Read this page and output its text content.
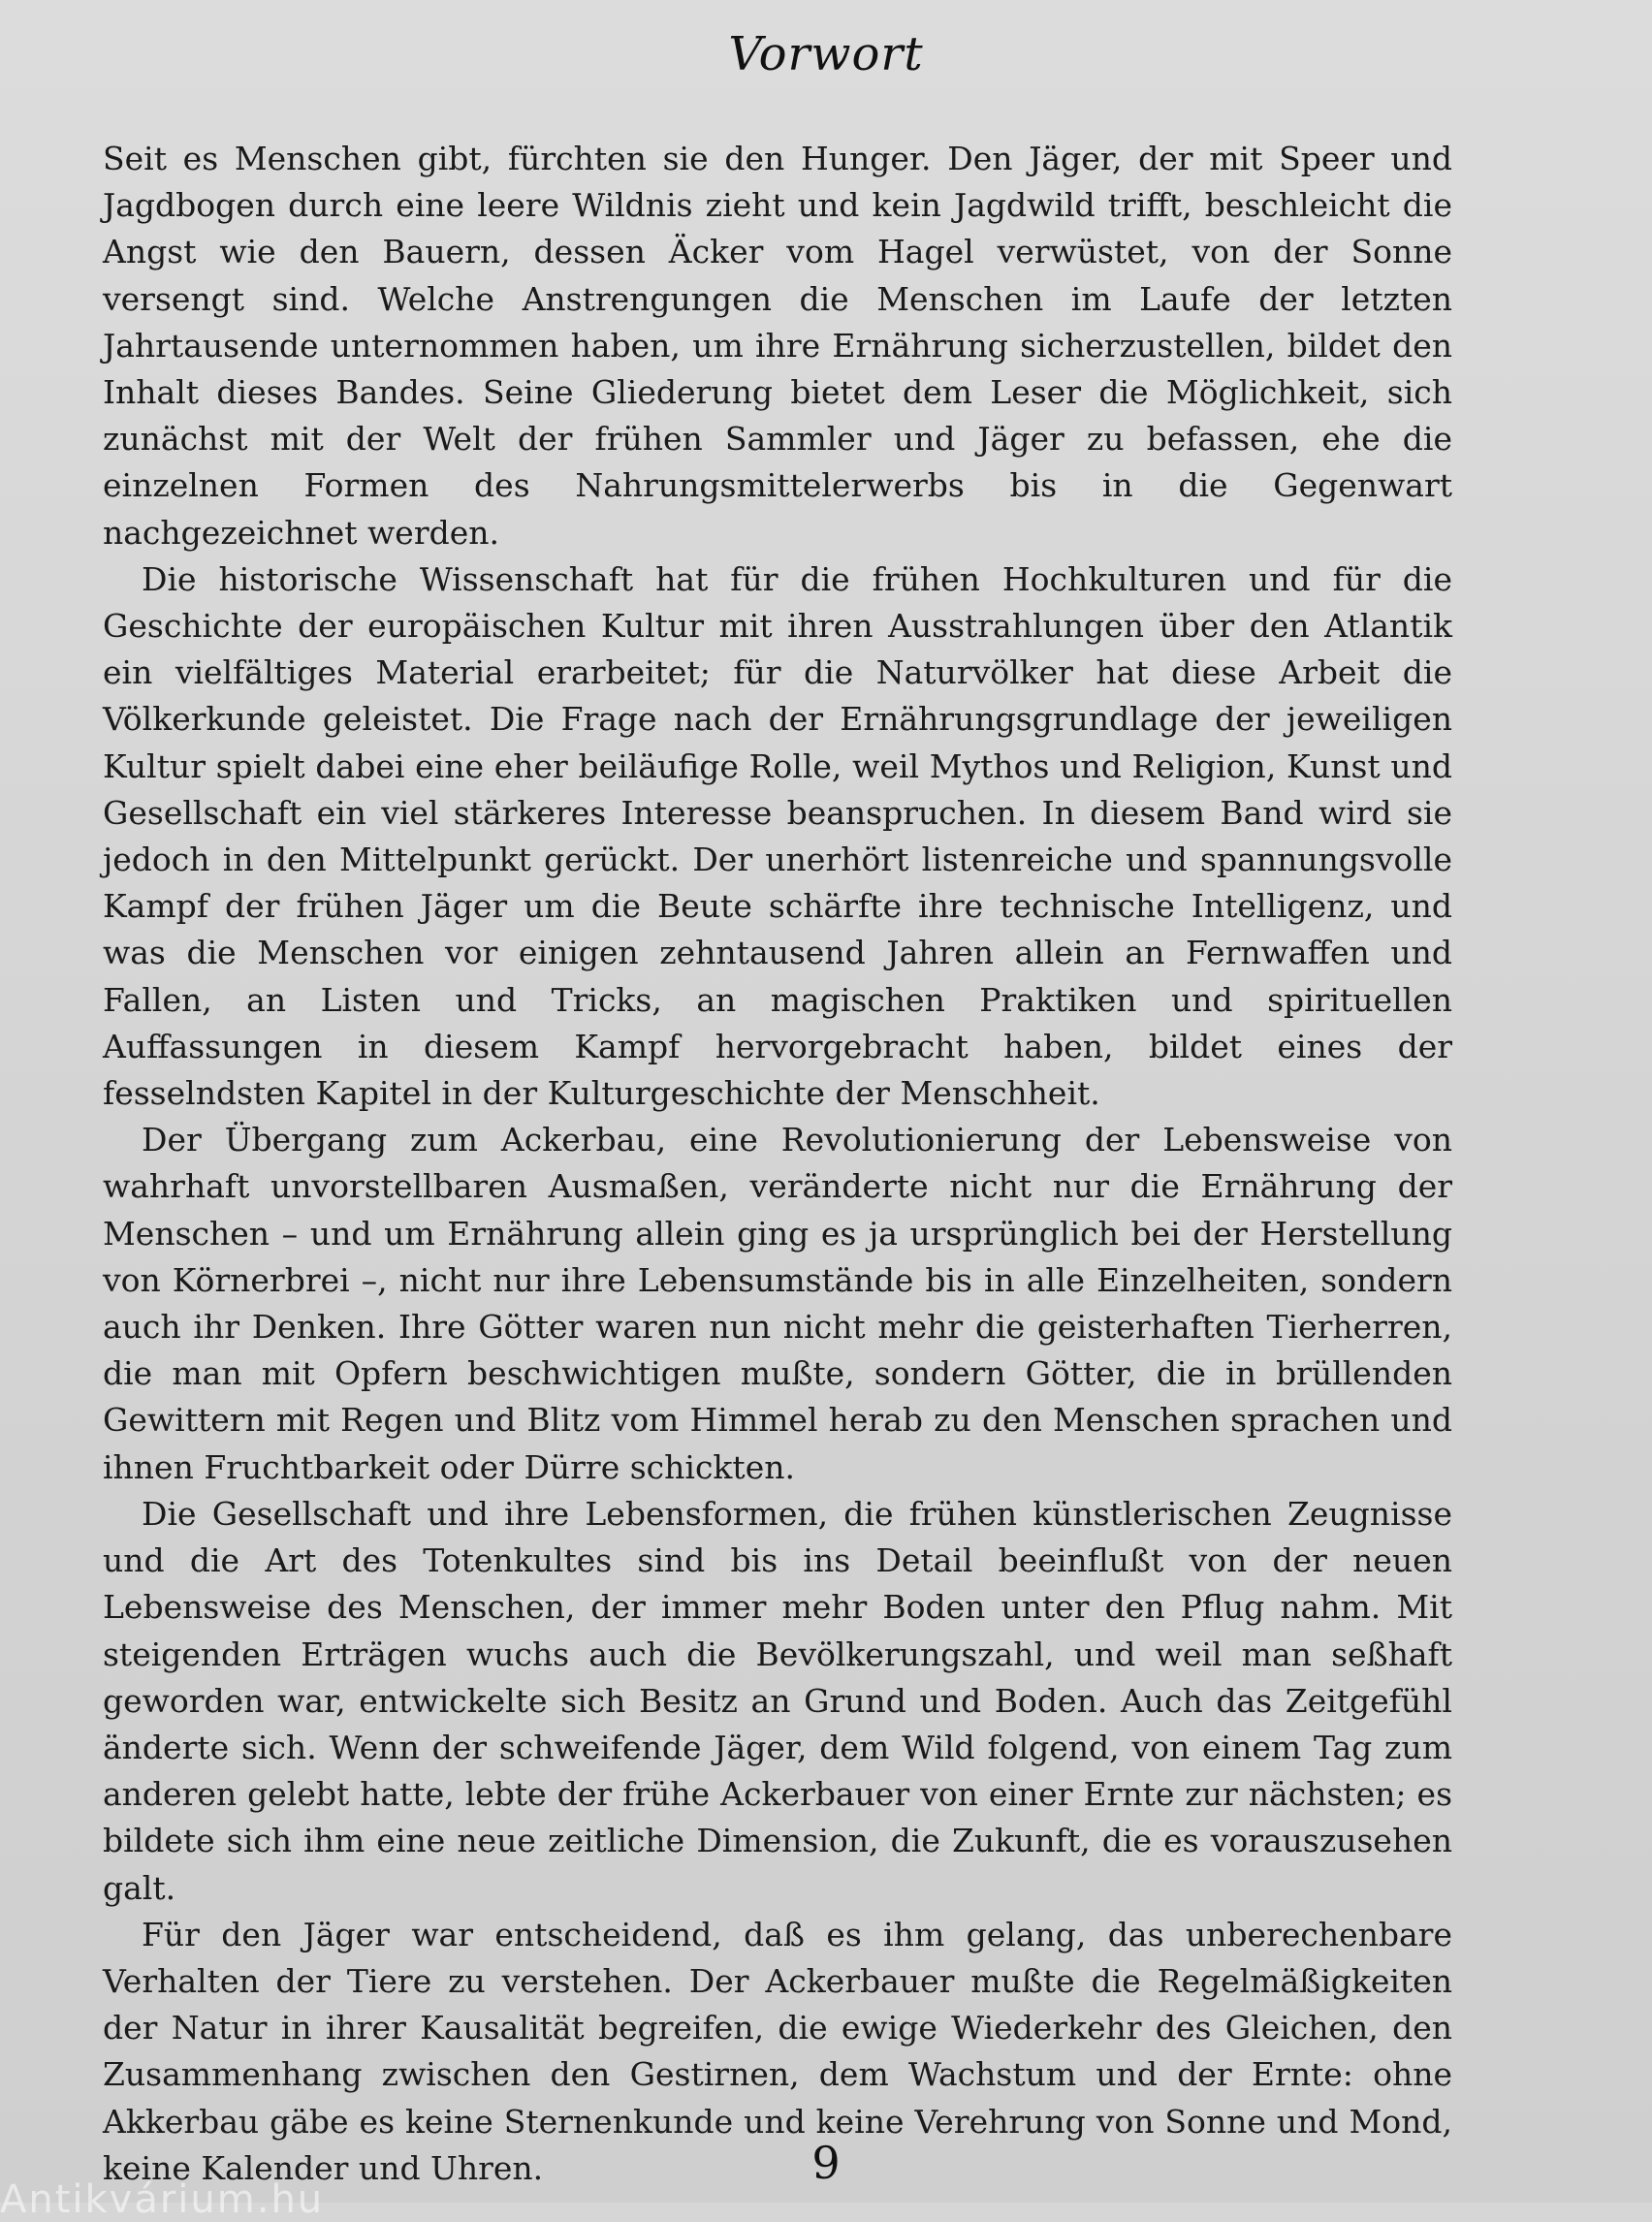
Vorwort

Seit es Menschen gibt, fürchten sie den Hunger. Den Jäger, der mit Speer und Jagdbogen durch eine leere Wildnis zieht und kein Jagdwild trifft, beschleicht die Angst wie den Bauern, dessen Äcker vom Hagel verwüstet, von der Sonne versengt sind. Welche Anstrengungen die Menschen im Laufe der letzten Jahrtausende unternommen haben, um ihre Ernährung sicherzustellen, bildet den Inhalt dieses Bandes. Seine Gliederung bietet dem Leser die Möglichkeit, sich zunächst mit der Welt der frühen Sammler und Jäger zu befassen, ehe die einzelnen Formen des Nahrungsmittelerwerbs bis in die Gegenwart nachgezeichnet werden.

Die historische Wissenschaft hat für die frühen Hochkulturen und für die Geschichte der europäischen Kultur mit ihren Ausstrahlungen über den Atlantik ein vielfältiges Material erarbeitet; für die Naturvölker hat diese Arbeit die Völkerkunde geleistet. Die Frage nach der Ernährungsgrundlage der jeweiligen Kultur spielt dabei eine eher beiläufige Rolle, weil Mythos und Religion, Kunst und Gesellschaft ein viel stärkeres Interesse beanspruchen. In diesem Band wird sie jedoch in den Mittelpunkt gerückt. Der unerhört listenreiche und spannungsvolle Kampf der frühen Jäger um die Beute schärfte ihre technische Intelligenz, und was die Menschen vor einigen zehntausend Jahren allein an Fernwaffen und Fallen, an Listen und Tricks, an magischen Praktiken und spirituellen Auffassungen in diesem Kampf hervorgebracht haben, bildet eines der fesselndsten Kapitel in der Kulturgeschichte der Menschheit.

Der Übergang zum Ackerbau, eine Revolutionierung der Lebensweise von wahrhaft unvorstellbaren Ausmaßen, veränderte nicht nur die Ernährung der Menschen – und um Ernährung allein ging es ja ursprünglich bei der Herstellung von Körnerbrei –, nicht nur ihre Lebensumstände bis in alle Einzelheiten, sondern auch ihr Denken. Ihre Götter waren nun nicht mehr die geisterhaften Tierherren, die man mit Opfern beschwichtigen mußte, sondern Götter, die in brüllenden Gewittern mit Regen und Blitz vom Himmel herab zu den Menschen sprachen und ihnen Fruchtbarkeit oder Dürre schickten.

Die Gesellschaft und ihre Lebensformen, die frühen künstlerischen Zeugnisse und die Art des Totenkultes sind bis ins Detail beeinflußt von der neuen Lebensweise des Menschen, der immer mehr Boden unter den Pflug nahm. Mit steigenden Erträgen wuchs auch die Bevölkerungszahl, und weil man seßhaft geworden war, entwickelte sich Besitz an Grund und Boden. Auch das Zeitgefühl änderte sich. Wenn der schweifende Jäger, dem Wild folgend, von einem Tag zum anderen gelebt hatte, lebte der frühe Ackerbauer von einer Ernte zur nächsten; es bildete sich ihm eine neue zeitliche Dimension, die Zukunft, die es vorauszusehen galt.

Für den Jäger war entscheidend, daß es ihm gelang, das unberechenbare Verhalten der Tiere zu verstehen. Der Ackerbauer mußte die Regelmäßigkeiten der Natur in ihrer Kausalität begreifen, die ewige Wiederkehr des Gleichen, den Zusammenhang zwischen den Gestirnen, dem Wachstum und der Ernte: ohne Akkerbau gäbe es keine Sternenkunde und keine Verehrung von Sonne und Mond, keine Kalender und Uhren.	9
Antikvárium.hu
